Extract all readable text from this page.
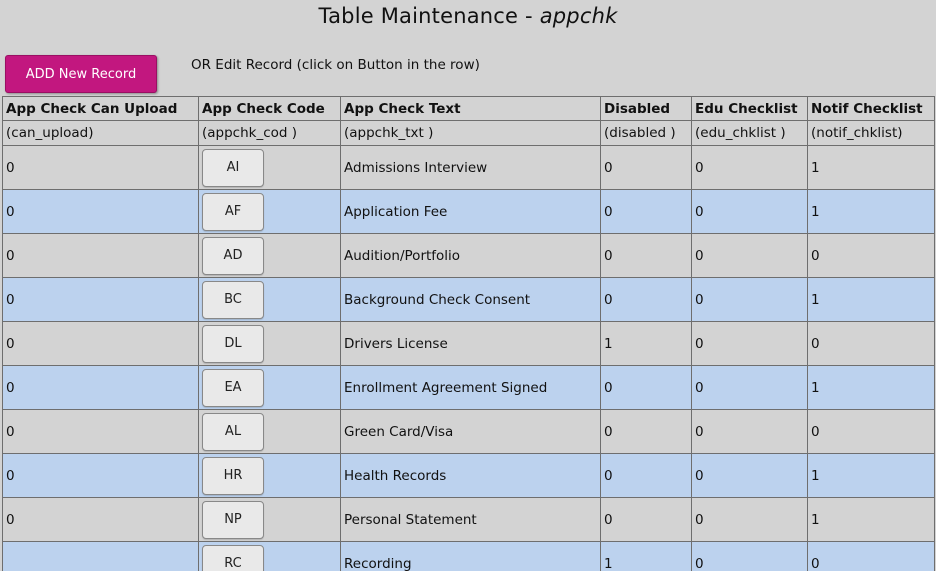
Table Maintenance - appchk
ADD New Record
OR Edit Record (click on Button in the row)
App Check Can Upload	App Check Code	App Check Text	Disabled	Edu Checklist	Notif Checklist
(can_upload)	(appchk_cod )	(appchk_txt )	(disabled )	(edu_chklist )	(notif_chklist)
0	AI	Admissions Interview	0	0	1
0	AF	Application Fee	0	0	1
0	AD	Audition/Portfolio	0	0	0
0	BC	Background Check Consent	0	0	1
0	DL	Drivers License	1	0	0
0	EA	Enrollment Agreement Signed	0	0	1
0	AL	Green Card/Visa	0	0	0
0	HR	Health Records	0	0	1
0	NP	Personal Statement	0	0	1
	RC	Recording	1	0	0
